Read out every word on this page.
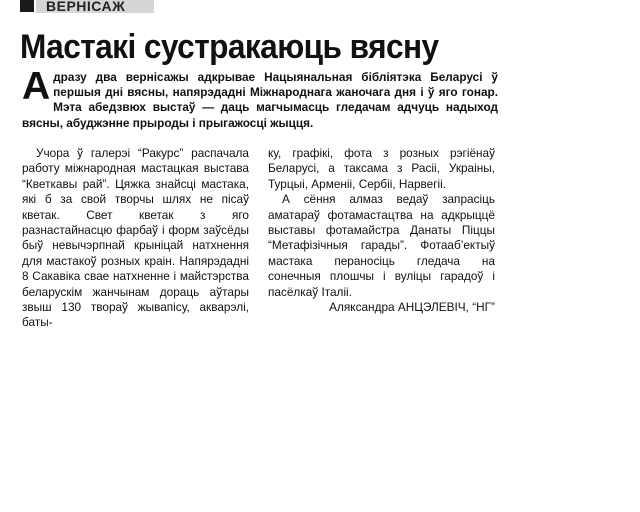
ВЕРНІСАЖ
Мастакі сустракаюць вясну
Адразу два вернісажы адкрывае Нацыянальная бібліятэка Беларусі ў першыя дні вясны, напярэдадні Міжнароднага жаночага дня і ў яго гонар. Мэта абедзвюх выстаў — даць магчымасць гледачам адчуць надыход вясны, абуджэнне прыроды і прыгажосці жыцця.

Учора ў галерэі “Ракурс” распачала работу міжнародная мастацкая выстава “Кветкавы рай”. Цяжка знайсці мастака, які б за свой творчы шлях не пісаў кветак. Свет кветак з яго разнастайнасцю фарбаў і форм заўсёды быў невычэрпнай крыніцай натхнення для мастакоў розных краін. Напярэдадні 8 Сакавіка свае натхненне і майстэрства беларускім жанчынам дораць аўтары звыш 130 твораў жывапісу, акварэлі, баты-

ку, графікі, фота з розных рэгіёнаў Беларусі, а таксама з Расіі, Украіны, Турцыі, Арменіі, Сербіі, Нарвегіі.

А сёння алмаз ведаў запрасіць аматараў фотамастацтва на адкрыццё выставы фотамайстра Данаты Піццы “Метафізічныя гарады”. Фотааб’ектыў мастака пераносіць гледача на сонечныя плошчы і вуліцы гарадоў і пасёлкаў Італіі.

Аляксандра АНЦЭЛЕВІЧ, “НГ”
